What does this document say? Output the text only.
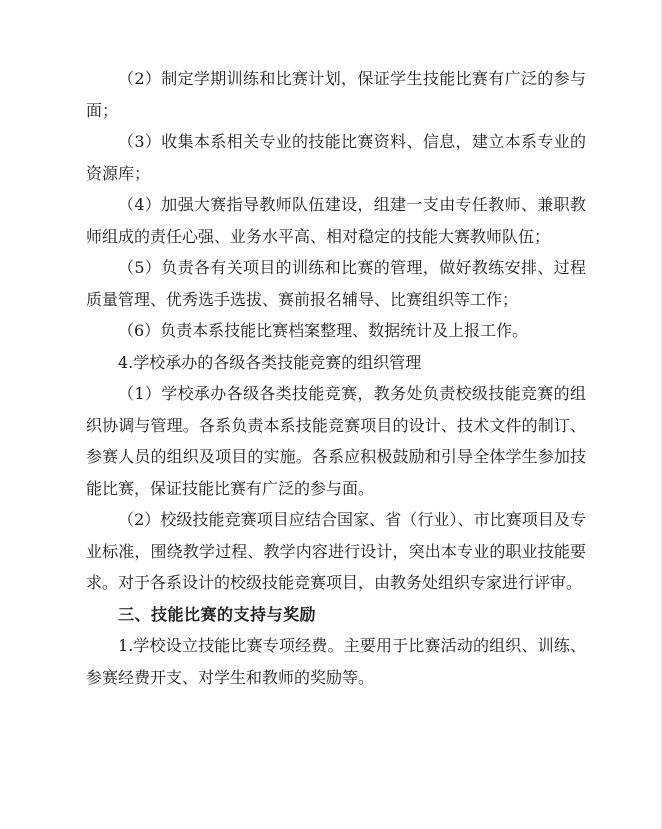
（2）制定学期训练和比赛计划，保证学生技能比赛有广泛的参与面；

（3）收集本系相关专业的技能比赛资料、信息，建立本系专业的资源库；

（4）加强大赛指导教师队伍建设，组建一支由专任教师、兼职教师组成的责任心强、业务水平高、相对稳定的技能大赛教师队伍；

（5）负责各有关项目的训练和比赛的管理，做好教练安排、过程质量管理、优秀选手选拔、赛前报名辅导、比赛组织等工作；

（6）负责本系技能比赛档案整理、数据统计及上报工作。

4.学校承办的各级各类技能竞赛的组织管理

（1）学校承办各级各类技能竞赛，教务处负责校级技能竞赛的组织协调与管理。各系负责本系技能竞赛项目的设计、技术文件的制订、参赛人员的组织及项目的实施。各系应积极鼓励和引导全体学生参加技能比赛，保证技能比赛有广泛的参与面。

（2）校级技能竞赛项目应结合国家、省（行业）、市比赛项目及专业标准，围绕教学过程、教学内容进行设计，突出本专业的职业技能要求。对于各系设计的校级技能竞赛项目，由教务处组织专家进行评审。

三、技能比赛的支持与奖励

1.学校设立技能比赛专项经费。主要用于比赛活动的组织、训练、参赛经费开支、对学生和教师的奖励等。
